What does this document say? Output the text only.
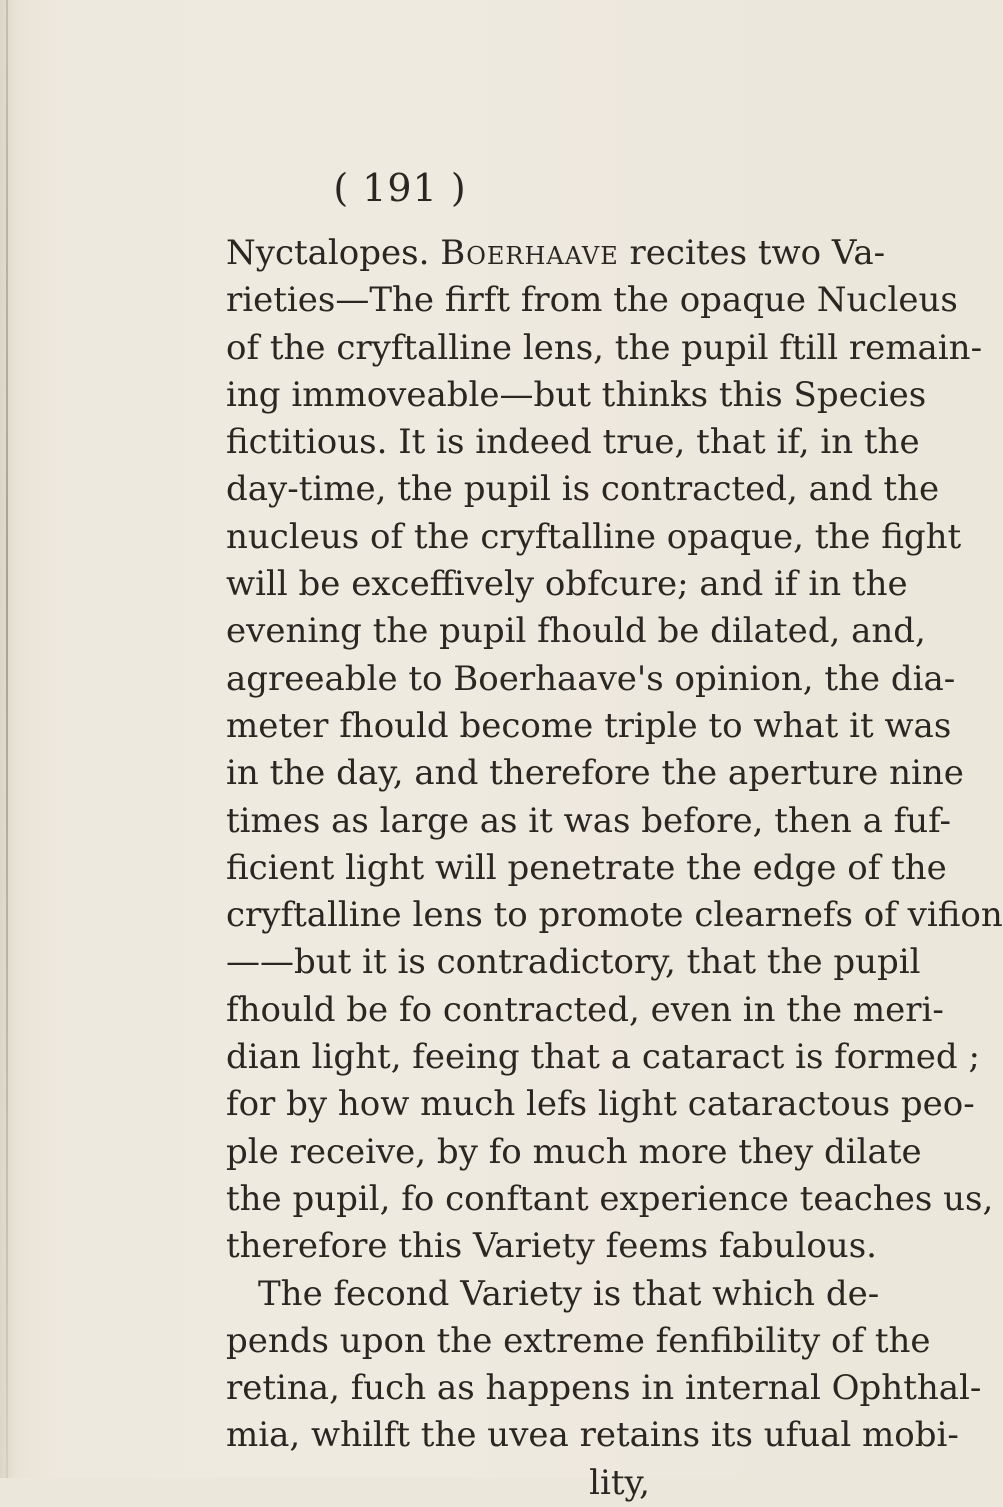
( 191 )
Nyctalopes. Boerhaave recites two Va-
rieties—The firft from the opaque Nucleus
of the cryftalline lens, the pupil ftill remain-
ing immoveable—but thinks this Species
fictitious. It is indeed true, that if, in the
day-time, the pupil is contracted, and the
nucleus of the cryftalline opaque, the fight
will be exceffively obfcure; and if in the
evening the pupil fhould be dilated, and,
agreeable to Boerhaave's opinion, the dia-
meter fhould become triple to what it was
in the day, and therefore the aperture nine
times as large as it was before, then a fuf-
ficient light will penetrate the edge of the
cryftalline lens to promote clearnefs of vifion
——but it is contradictory, that the pupil
fhould be fo contracted, even in the meri-
dian light, feeing that a cataract is formed ;
for by how much lefs light cataractous peo-
ple receive, by fo much more they dilate
the pupil, fo conftant experience teaches us,
therefore this Variety feems fabulous.
The fecond Variety is that which de-
pends upon the extreme fenfibility of the
retina, fuch as happens in internal Ophthal-
mia, whilft the uvea retains its ufual mobi-
lity,
